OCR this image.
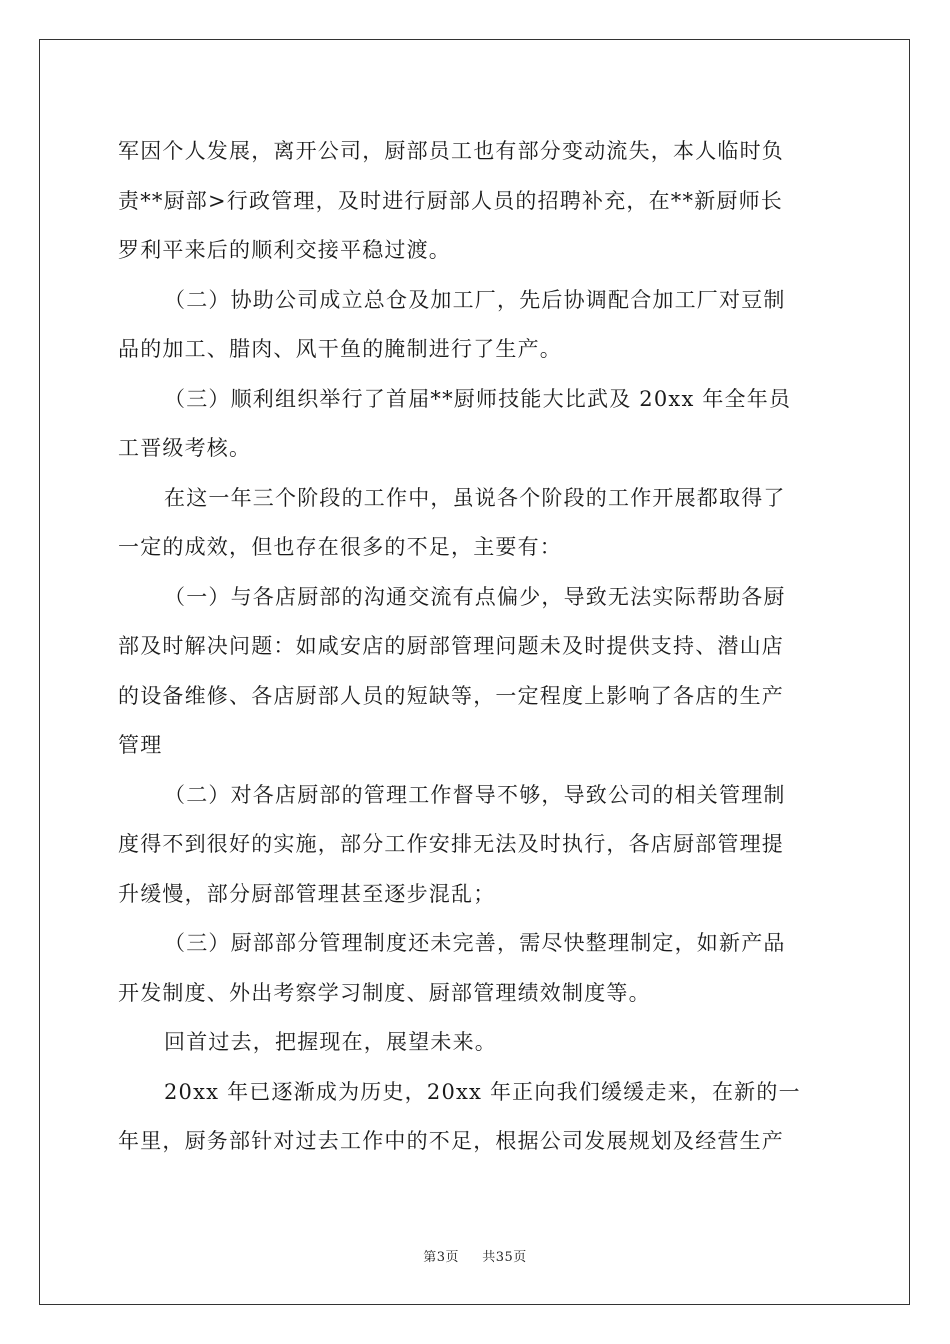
军因个人发展，离开公司，厨部员工也有部分变动流失，本人临时负
责**厨部>行政管理，及时进行厨部人员的招聘补充，在**新厨师长
罗利平来后的顺利交接平稳过渡。
（二）协助公司成立总仓及加工厂，先后协调配合加工厂对豆制
品的加工、腊肉、风干鱼的腌制进行了生产。
（三）顺利组织举行了首届**厨师技能大比武及 20xx 年全年员
工晋级考核。
在这一年三个阶段的工作中，虽说各个阶段的工作开展都取得了
一定的成效，但也存在很多的不足，主要有：
（一）与各店厨部的沟通交流有点偏少，导致无法实际帮助各厨
部及时解决问题：如咸安店的厨部管理问题未及时提供支持、潜山店
的设备维修、各店厨部人员的短缺等，一定程度上影响了各店的生产
管理
（二）对各店厨部的管理工作督导不够，导致公司的相关管理制
度得不到很好的实施，部分工作安排无法及时执行，各店厨部管理提
升缓慢，部分厨部管理甚至逐步混乱；
（三）厨部部分管理制度还未完善，需尽快整理制定，如新产品
开发制度、外出考察学习制度、厨部管理绩效制度等。
回首过去，把握现在，展望未来。
20xx 年已逐渐成为历史，20xx 年正向我们缓缓走来，在新的一
年里，厨务部针对过去工作中的不足，根据公司发展规划及经营生产
第3页 共35页
